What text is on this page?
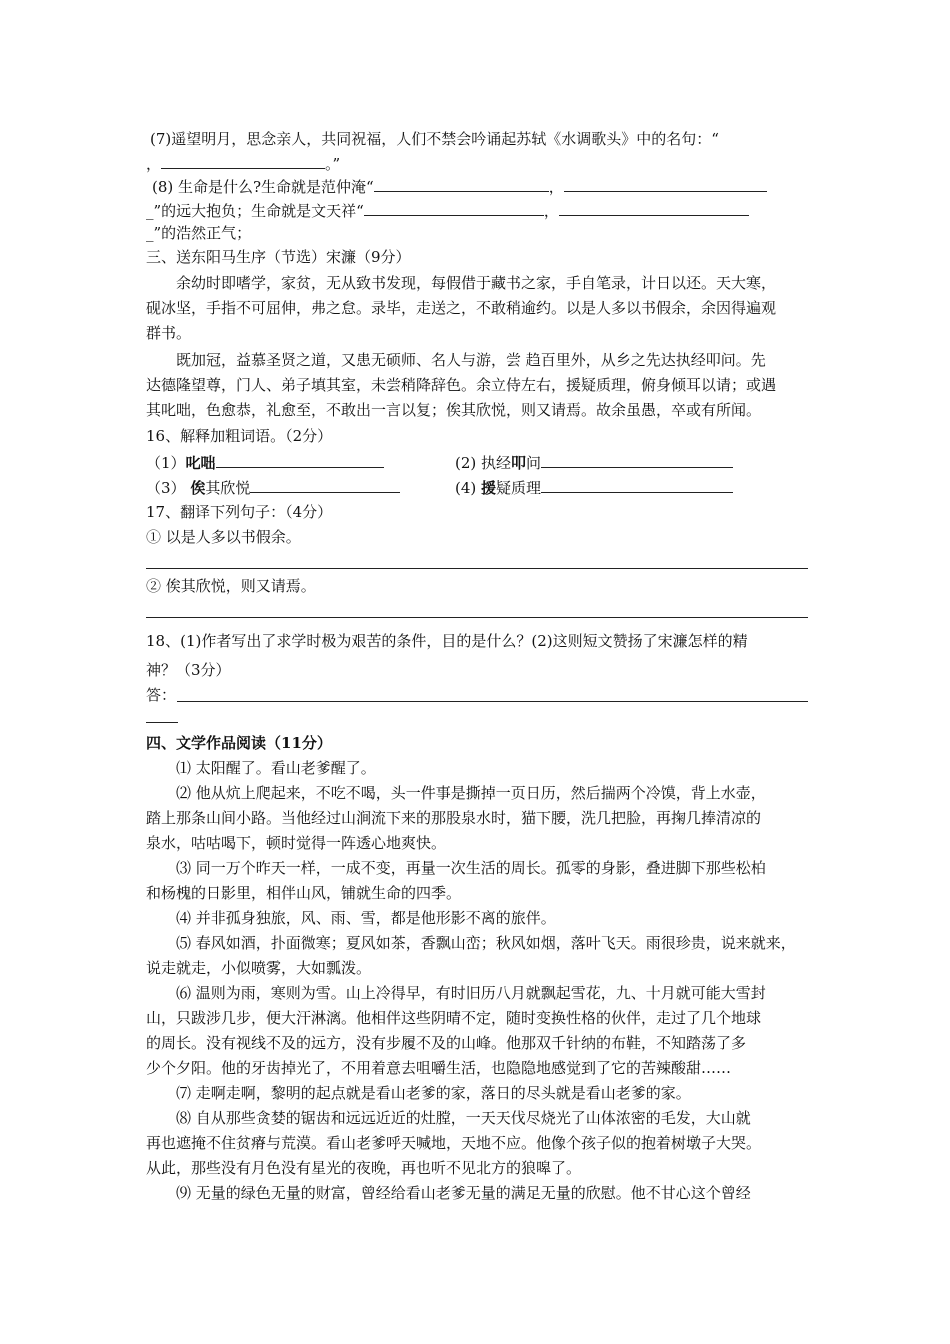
(7)遥望明月，思念亲人，共同祝福，人们不禁会吟诵起苏轼《水调歌头》中的名句：“
，	。”
(8) 生命是什么?生命就是范仲淹“	，
_”的远大抱负；生命就是文天祥“	，
_”的浩然正气；
三、送东阳马生序（节选）宋濂（9分）
余幼时即嗜学，家贫，无从致书发现，每假借于藏书之家，手自笔录，计日以还。天大寒，
砚冰坚，手指不可屈伸，弗之怠。录毕，走送之，不敢稍逾约。以是人多以书假余，余因得遍观
群书。
既加冠，益慕圣贤之道，又患无硕师、名人与游，尝 趋百里外，从乡之先达执经叩问。先
达德隆望尊，门人、弟子填其室，未尝稍降辞色。余立侍左右，援疑质理，俯身倾耳以请；或遇
其叱咄，色愈恭，礼愈至，不敢出一言以复；俟其欣悦，则又请焉。故余虽愚，卒或有所闻。
16、解释加粗词语。（2分）
（1）叱咄	(2) 执经叩问
（3） 俟其欣悦	(4) 援疑质理
17、翻译下列句子：（4分）
① 以是人多以书假余。
② 俟其欣悦，则又请焉。
18、(1)作者写出了求学时极为艰苦的条件，目的是什么？(2)这则短文赞扬了宋濂怎样的精
神？（3分）
答：
四、文学作品阅读（11分）
⑴ 太阳醒了。看山老爹醒了。
⑵ 他从炕上爬起来，不吃不喝，头一件事是撕掉一页日历，然后揣两个冷馍，背上水壶，
踏上那条山间小路。当他经过山涧流下来的那股泉水时，猫下腰，洗几把脸，再掬几捧清凉的
泉水，咕咕喝下，顿时觉得一阵透心地爽快。
⑶ 同一万个昨天一样，一成不变，再量一次生活的周长。孤零的身影，叠进脚下那些松柏
和杨槐的日影里，相伴山风，铺就生命的四季。
⑷ 并非孤身独旅，风、雨、雪，都是他形影不离的旅伴。
⑸ 春风如酒，扑面微寒；夏风如茶，香飘山峦；秋风如烟，落叶飞天。雨很珍贵，说来就来，
说走就走，小似喷雾，大如瓢泼。
⑹ 温则为雨，寒则为雪。山上冷得早，有时旧历八月就飘起雪花，九、十月就可能大雪封
山，只跋涉几步，便大汗淋漓。他相伴这些阴晴不定，随时变换性格的伙伴，走过了几个地球
的周长。没有视线不及的远方，没有步履不及的山峰。他那双千针纳的布鞋，不知踏荡了多
少个夕阳。他的牙齿掉光了，不用着意去咀嚼生活，也隐隐地感觉到了它的苦辣酸甜……
⑺ 走啊走啊，黎明的起点就是看山老爹的家，落日的尽头就是看山老爹的家。
⑻ 自从那些贪婪的锯齿和远远近近的灶膛，一天天伐尽烧光了山体浓密的毛发，大山就
再也遮掩不住贫瘠与荒漠。看山老爹呼天喊地，天地不应。他像个孩子似的抱着树墩子大哭。
从此，那些没有月色没有星光的夜晚，再也听不见北方的狼嗥了。
⑼ 无量的绿色无量的财富，曾经给看山老爹无量的满足无量的欣慰。他不甘心这个曾经
